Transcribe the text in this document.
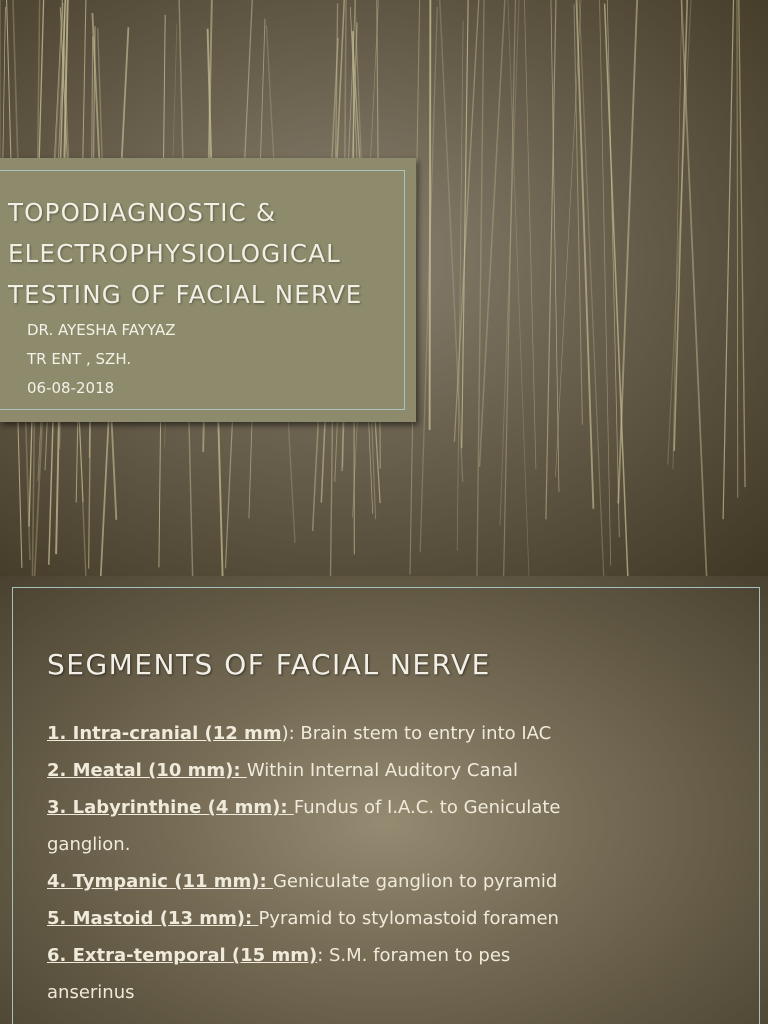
TOPODIAGNOSTIC &
ELECTROPHYSIOLOGICAL
TESTING OF FACIAL NERVE
DR. AYESHA FAYYAZ
TR ENT , SZH.
06-08-2018
SEGMENTS OF FACIAL NERVE
1. Intra-cranial (12 mm): Brain stem to entry into IAC
2. Meatal (10 mm): Within Internal Auditory Canal
3. Labyrinthine (4 mm): Fundus of I.A.C. to Geniculate
ganglion.
4. Tympanic (11 mm): Geniculate ganglion to pyramid
5. Mastoid (13 mm): Pyramid to stylomastoid foramen
6. Extra-temporal (15 mm): S.M. foramen to pes
anserinus
